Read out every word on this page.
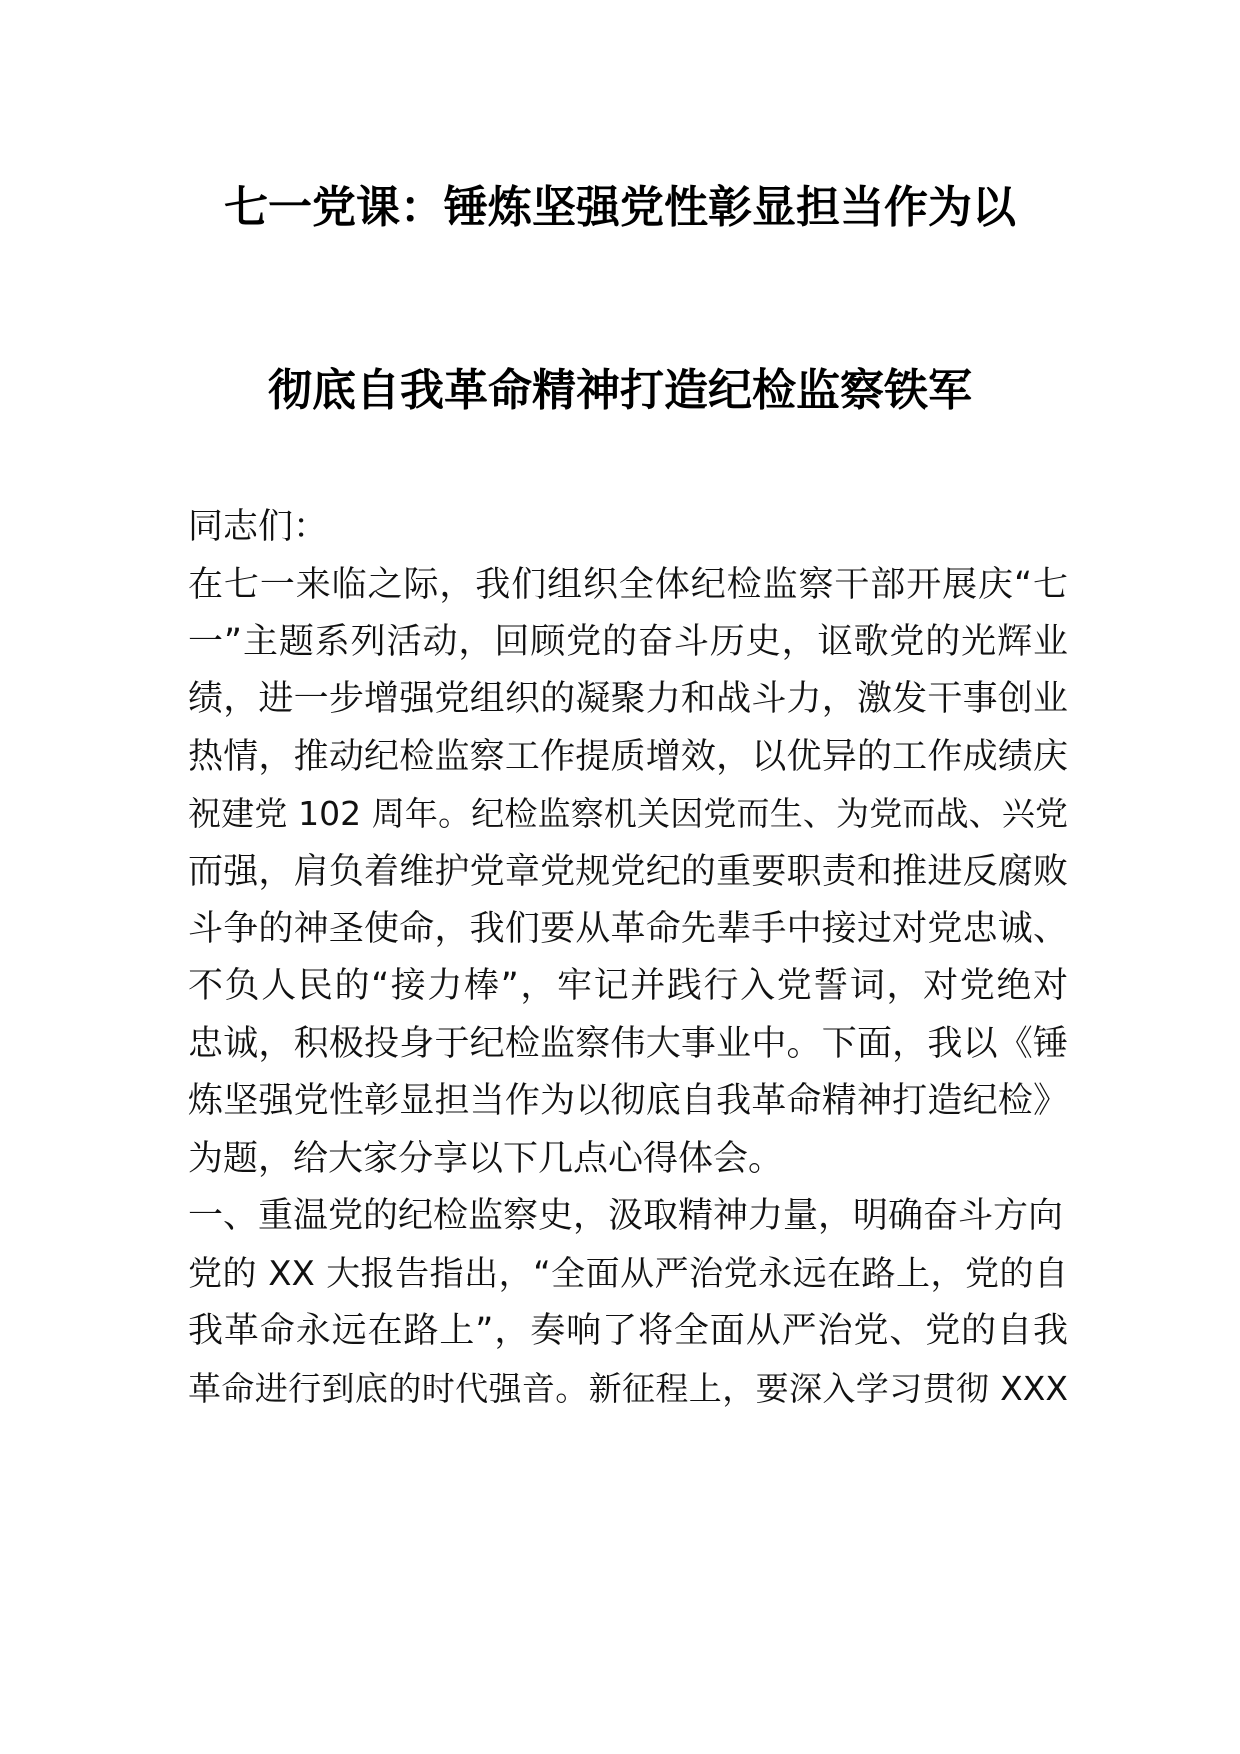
七一党课：锤炼坚强党性彰显担当作为以
彻底自我革命精神打造纪检监察铁军
同志们：
在七一来临之际，我们组织全体纪检监察干部开展庆“七
一”主题系列活动，回顾党的奋斗历史，讴歌党的光辉业
绩，进一步增强党组织的凝聚力和战斗力，激发干事创业
热情，推动纪检监察工作提质增效，以优异的工作成绩庆
祝建党 102 周年。纪检监察机关因党而生、为党而战、兴党
而强，肩负着维护党章党规党纪的重要职责和推进反腐败
斗争的神圣使命，我们要从革命先辈手中接过对党忠诚、
不负人民的“接力棒”，牢记并践行入党誓词，对党绝对
忠诚，积极投身于纪检监察伟大事业中。下面，我以《锤
炼坚强党性彰显担当作为以彻底自我革命精神打造纪检》
为题，给大家分享以下几点心得体会。
一、重温党的纪检监察史，汲取精神力量，明确奋斗方向
党的 XX 大报告指出，“全面从严治党永远在路上，党的自
我革命永远在路上”，奏响了将全面从严治党、党的自我
革命进行到底的时代强音。新征程上，要深入学习贯彻 XXX
